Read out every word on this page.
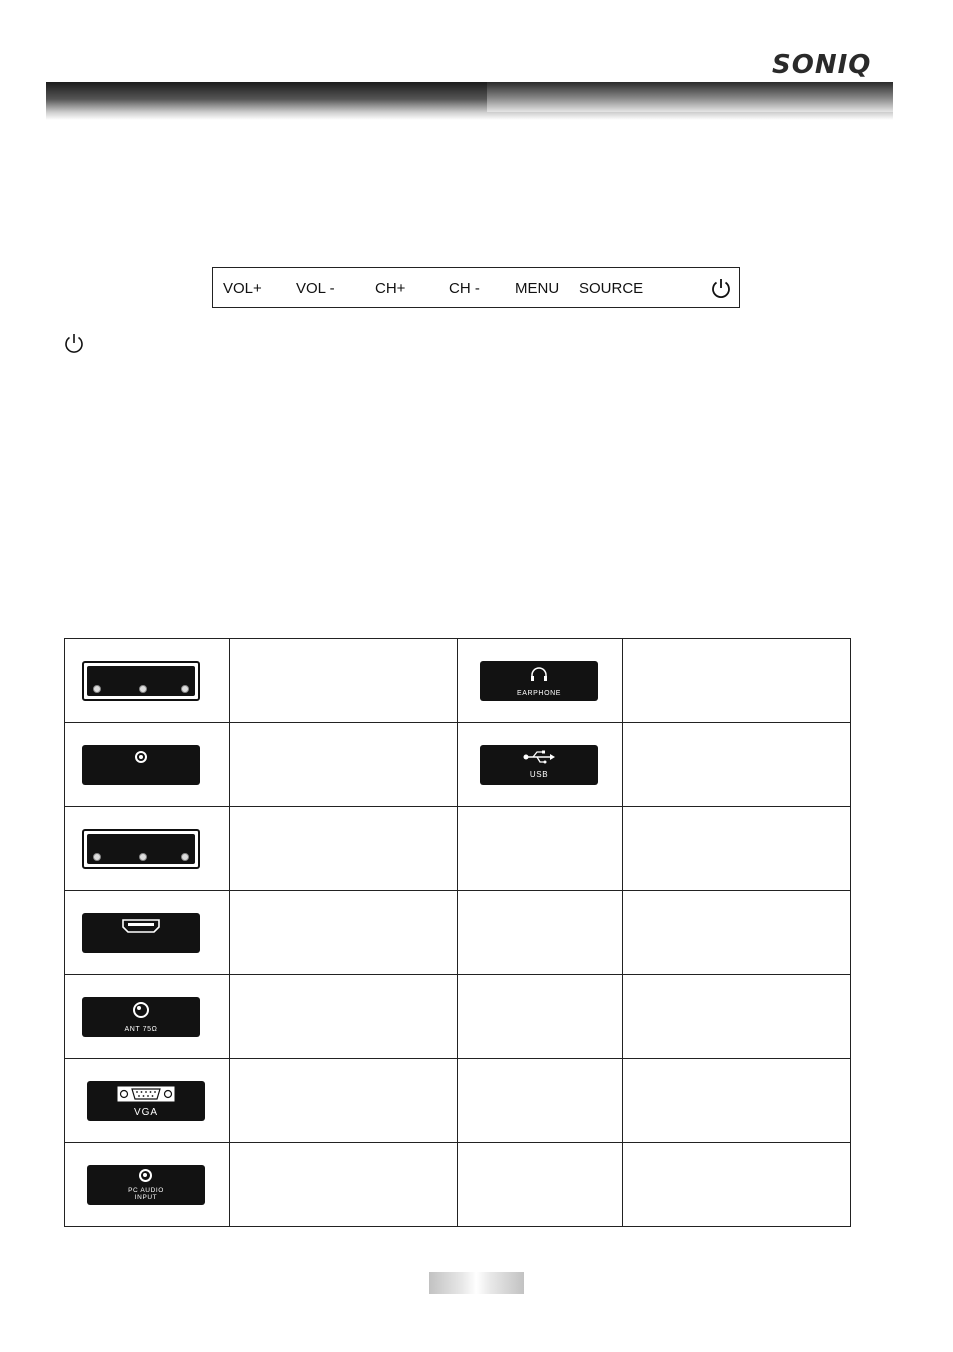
SONIQ
VOL+ VOL -	CH+	CH - MENU SOURCE

		EARPHONE	

		USB	

ANT 75Ω			

VGA			

PC AUDIO INPUT			
